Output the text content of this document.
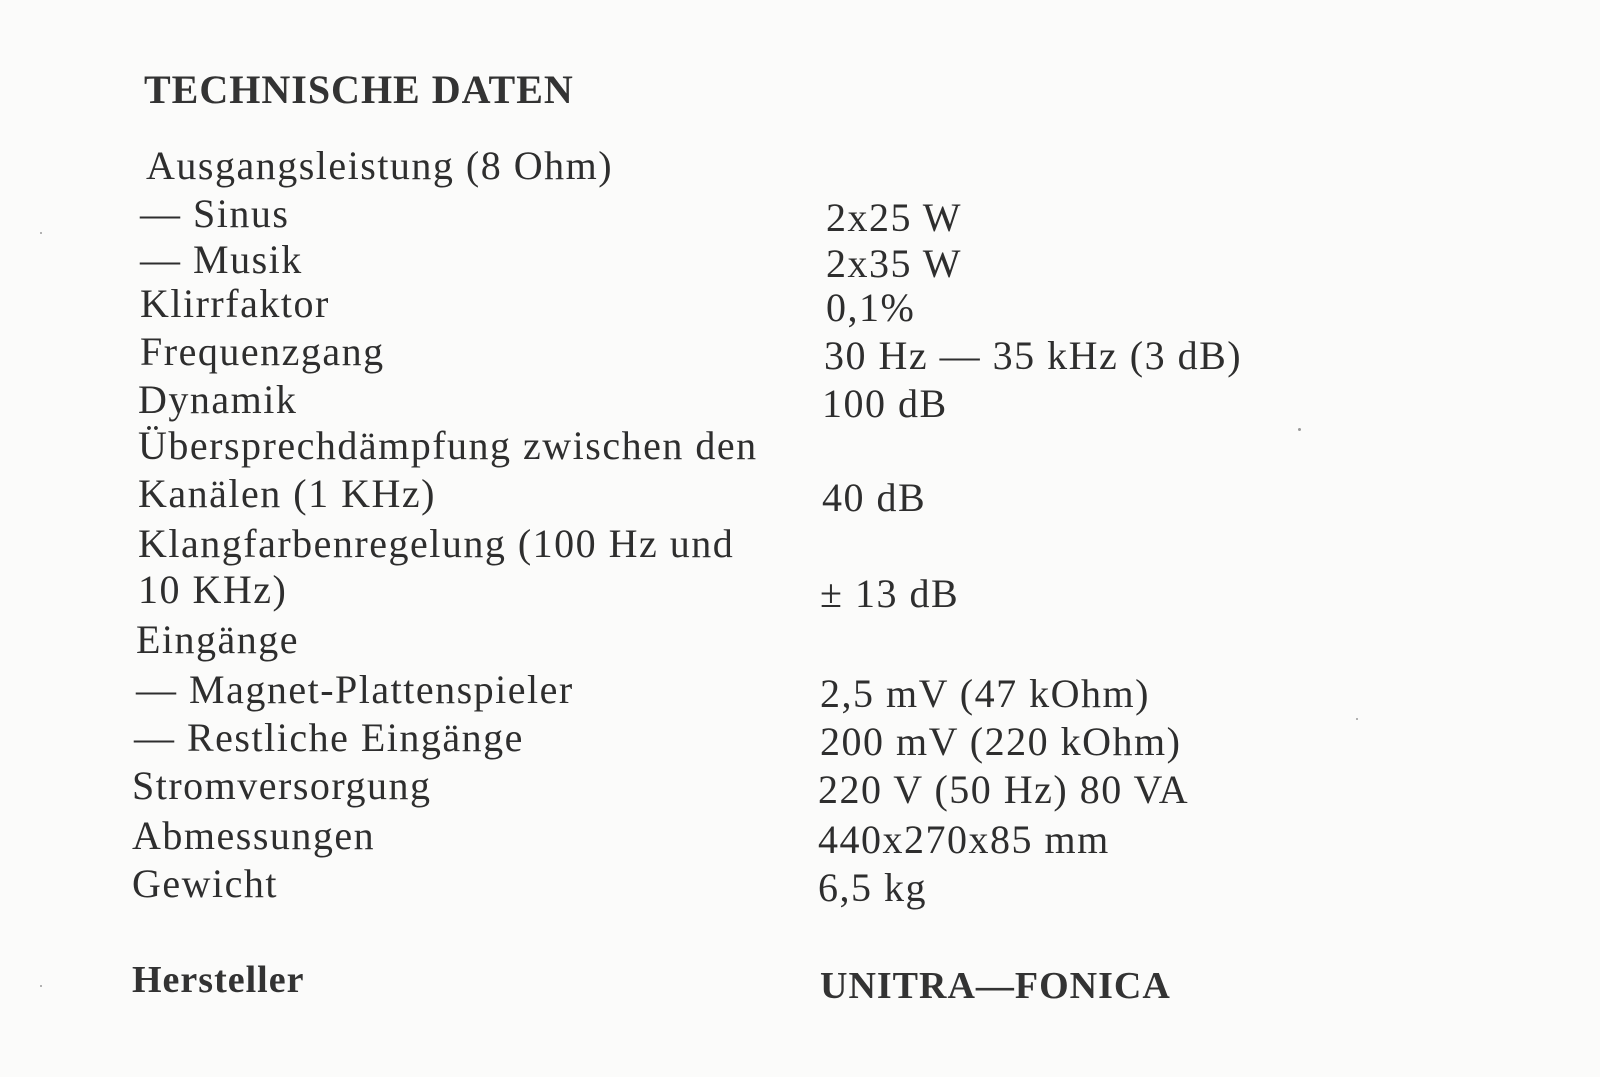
TECHNISCHE DATEN
Ausgangsleistung (8 Ohm)
— Sinus	2x25 W
— Musik	2x35 W
Klirrfaktor	0,1%
Frequenzgang	30 Hz — 35 kHz (3 dB)
Dynamik	100 dB
Übersprechdämpfung zwischen den
Kanälen (1 KHz)	40 dB
Klangfarbenregelung (100 Hz und
10 KHz)	± 13 dB
Eingänge
— Magnet-Plattenspieler	2,5 mV (47 kOhm)
— Restliche Eingänge	200 mV (220 kOhm)
Stromversorgung	220 V (50 Hz) 80 VA
Abmessungen	440x270x85 mm
Gewicht	6,5 kg
Hersteller	UNITRA—FONICA
